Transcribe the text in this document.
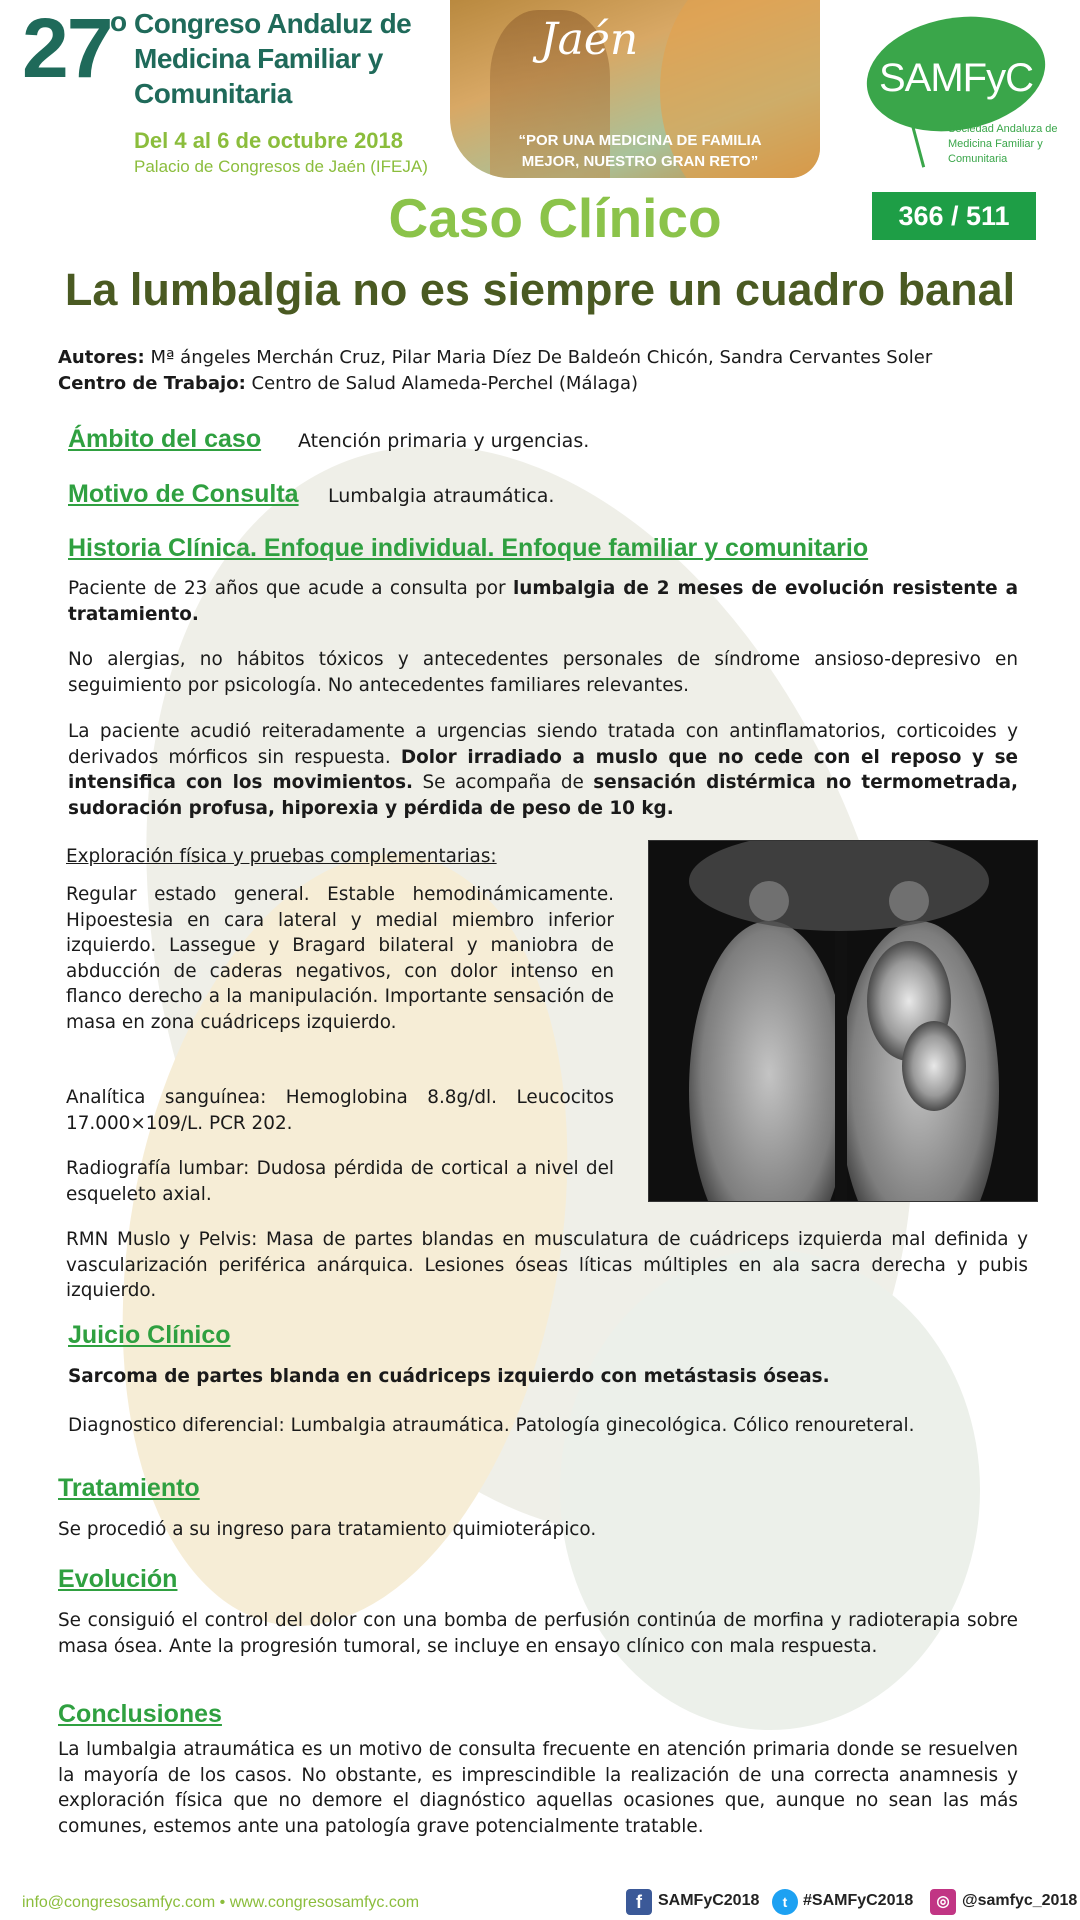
27
o Congreso Andaluz de Medicina Familiar y Comunitaria
Del 4 al 6 de octubre 2018
Palacio de Congresos de Jaén (IFEJA)
Jaén
“POR UNA MEDICINA DE FAMILIA MEJOR, NUESTRO GRAN RETO”
SAMFyC
Sociedad Andaluza de Medicina Familiar y Comunitaria
Caso Clínico	366 / 511
La lumbalgia no es siempre un cuadro banal
Autores: Mª ángeles Merchán Cruz, Pilar Maria Díez De Baldeón Chicón, Sandra Cervantes Soler
Centro de Trabajo: Centro de Salud Alameda-Perchel (Málaga)
Ámbito del caso Atención primaria y urgencias.
Motivo de Consulta Lumbalgia atraumática.
Historia Clínica. Enfoque individual. Enfoque familiar y comunitario
Paciente de 23 años que acude a consulta por lumbalgia de 2 meses de evolución resistente a tratamiento.
No alergias, no hábitos tóxicos y antecedentes personales de síndrome ansioso-depresivo en seguimiento por psicología. No antecedentes familiares relevantes.
La paciente acudió reiteradamente a urgencias siendo tratada con antinflamatorios, corticoides y derivados mórficos sin respuesta. Dolor irradiado a muslo que no cede con el reposo y se intensifica con los movimientos. Se acompaña de sensación distérmica no termometrada, sudoración profusa, hiporexia y pérdida de peso de 10 kg.
Exploración física y pruebas complementarias:
Regular estado general. Estable hemodinámicamente. Hipoestesia en cara lateral y medial miembro inferior izquierdo. Lassegue y Bragard bilateral y maniobra de abducción de caderas negativos, con dolor intenso en flanco derecho a la manipulación. Importante sensación de masa en zona cuádriceps izquierdo.
Analítica sanguínea: Hemoglobina 8.8g/dl. Leucocitos 17.000×109/L. PCR 202.
Radiografía lumbar: Dudosa pérdida de cortical a nivel del esqueleto axial.
RMN Muslo y Pelvis: Masa de partes blandas en musculatura de cuádriceps izquierda mal definida y vascularización periférica anárquica. Lesiones óseas líticas múltiples en ala sacra derecha y pubis izquierdo.
Juicio Clínico
Sarcoma de partes blanda en cuádriceps izquierdo con metástasis óseas.
Diagnostico diferencial: Lumbalgia atraumática. Patología ginecológica. Cólico renoureteral.
Tratamiento
Se procedió a su ingreso para tratamiento quimioterápico.
Evolución
Se consiguió el control del dolor con una bomba de perfusión continúa de morfina y radioterapia sobre masa ósea. Ante la progresión tumoral, se incluye en ensayo clínico con mala respuesta.
Conclusiones
La lumbalgia atraumática es un motivo de consulta frecuente en atención primaria donde se resuelven la mayoría de los casos. No obstante, es imprescindible la realización de una correcta anamnesis y exploración física que no demore el diagnóstico aquellas ocasiones que, aunque no sean las más comunes, estemos ante una patología grave potencialmente tratable.
info@congresosamfyc.com • www.congresosamfyc.com	f	SAMFyC2018	t #SAMFyC2018	◎ @samfyc_2018
